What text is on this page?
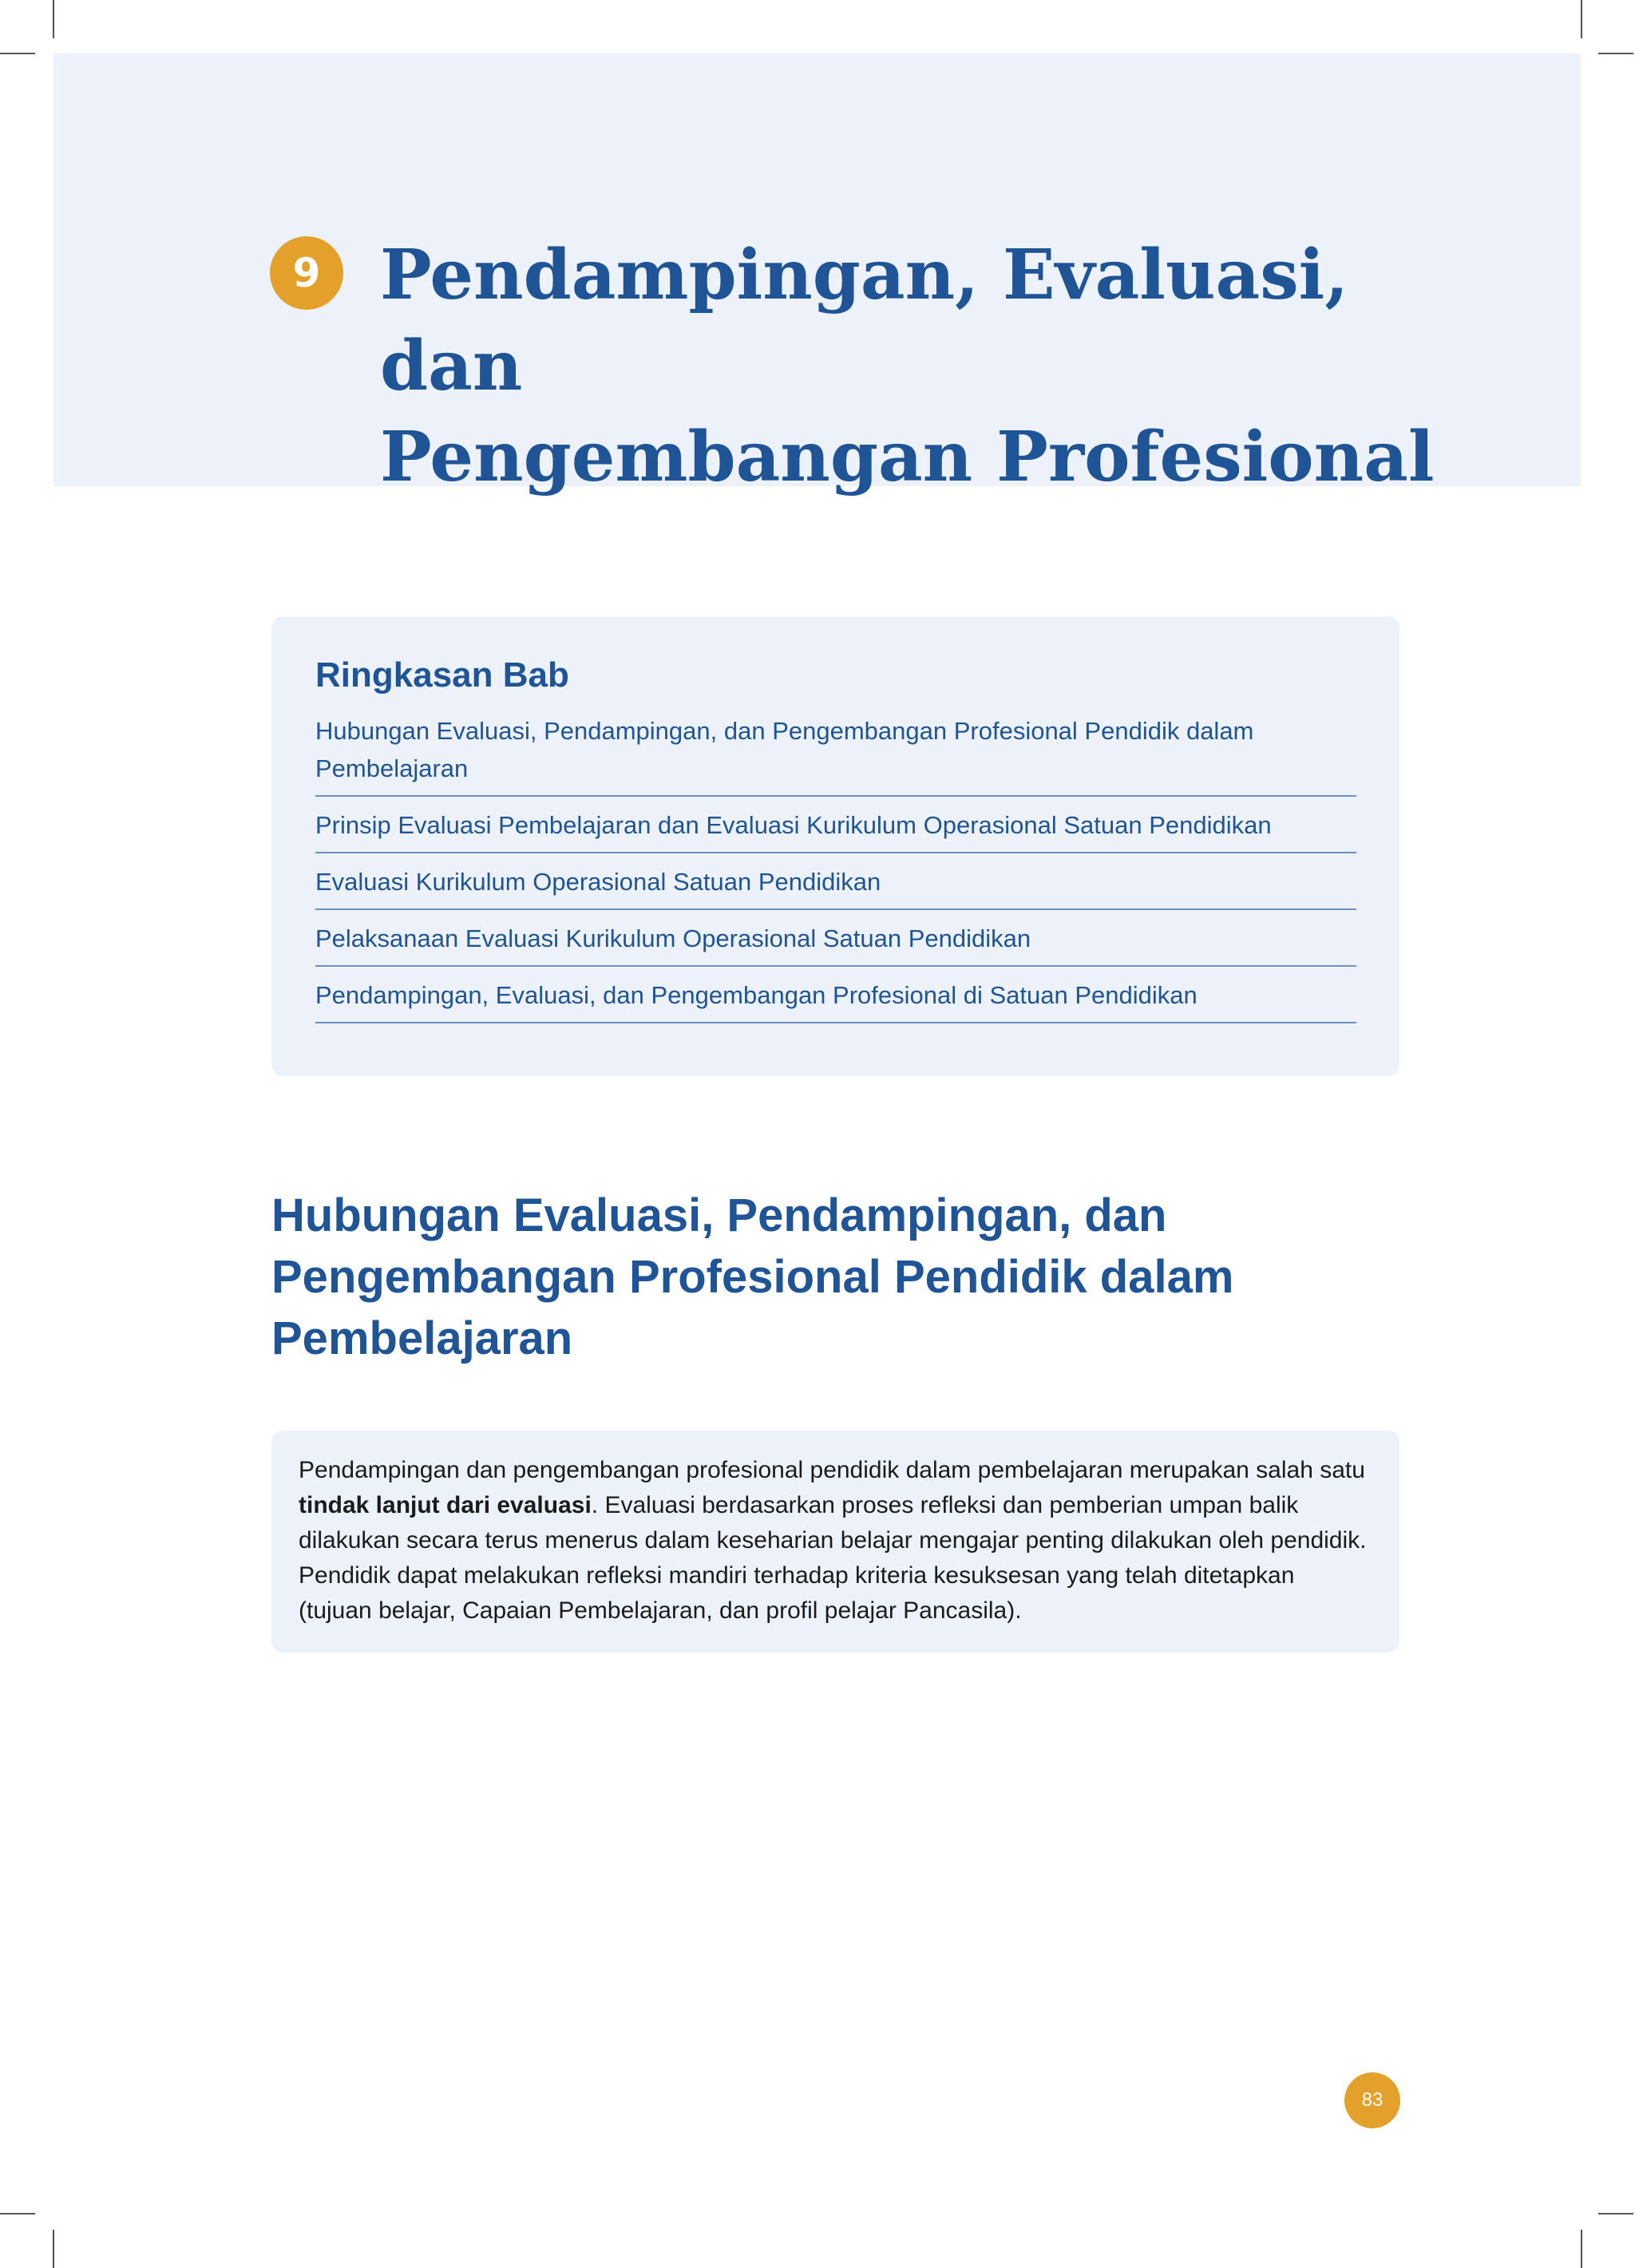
9 Pendampingan, Evaluasi, dan
Pengembangan Profesional
Ringkasan Bab
Hubungan Evaluasi, Pendampingan, dan Pengembangan Profesional Pendidik dalam Pembelajaran
Prinsip Evaluasi Pembelajaran dan Evaluasi Kurikulum Operasional Satuan Pendidikan
Evaluasi Kurikulum Operasional Satuan Pendidikan
Pelaksanaan Evaluasi Kurikulum Operasional Satuan Pendidikan
Pendampingan, Evaluasi, dan Pengembangan Profesional di Satuan Pendidikan
Hubungan Evaluasi, Pendampingan, dan
Pengembangan Profesional Pendidik dalam
Pembelajaran

Pendampingan dan pengembangan profesional pendidik dalam pembelajaran merupakan salah satu tindak lanjut dari evaluasi. Evaluasi berdasarkan proses refleksi dan pemberian umpan balik dilakukan secara terus menerus dalam keseharian belajar mengajar penting dilakukan oleh pendidik. Pendidik dapat melakukan refleksi mandiri terhadap kriteria kesuksesan yang telah ditetapkan (tujuan belajar, Capaian Pembelajaran, dan profil pelajar Pancasila).

83
